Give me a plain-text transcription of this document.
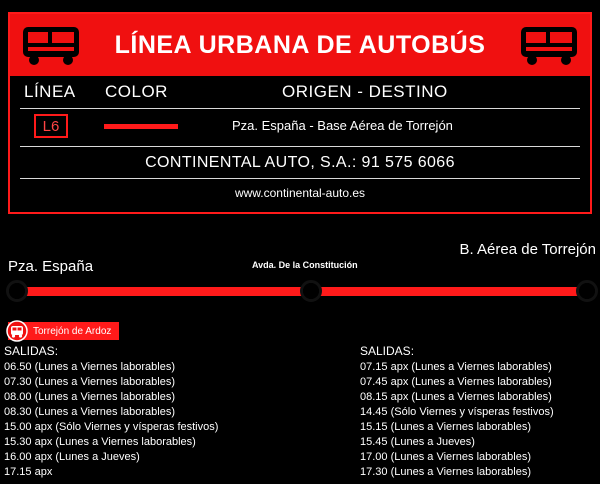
LÍNEA URBANA DE AUTOBÚS
LÍNEA COLOR	ORIGEN - DESTINO
L6	Pza. España - Base Aérea de Torrejón
CONTINENTAL AUTO, S.A.: 91 575 6066
www.continental-auto.es
Pza. España	Avda. De la Constitución
B. Aérea de Torrejón
Torrejón de Ardoz
SALIDAS:
06.50 (Lunes a Viernes laborables)
07.30 (Lunes a Viernes laborables)
08.00 (Lunes a Viernes laborables)
08.30 (Lunes a Viernes laborables)
15.00 apx (Sólo Viernes y vísperas festivos)
15.30 apx (Lunes a Viernes laborables)
16.00 apx (Lunes a Jueves)
17.15 apx
SALIDAS:
07.15 apx (Lunes a Viernes laborables)
07.45 apx (Lunes a Viernes laborables)
08.15 apx (Lunes a Viernes laborables)
14.45 (Sólo Viernes y vísperas festivos)
15.15 (Lunes a Viernes laborables)
15.45 (Lunes a Jueves)
17.00 (Lunes a Viernes laborables)
17.30 (Lunes a Viernes laborables)
